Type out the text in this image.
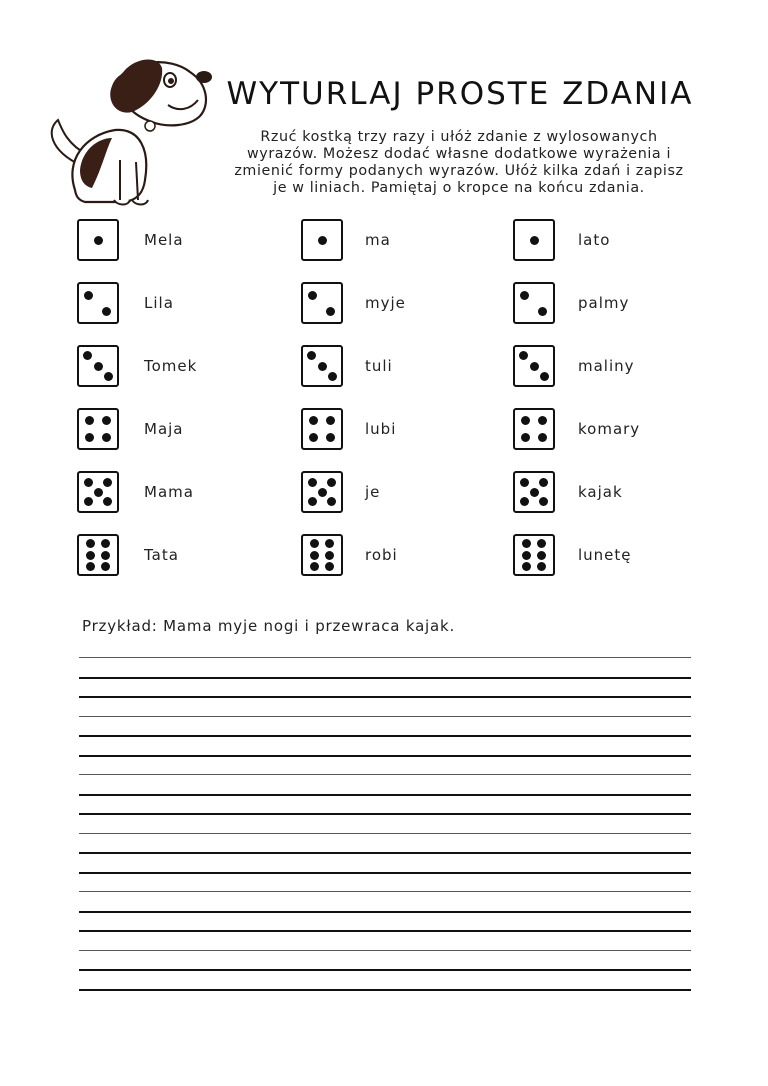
WYTURLAJ PROSTE ZDANIA
Rzuć kostką trzy razy i ułóż zdanie z wylosowanych
wyrazów. Możesz dodać własne dodatkowe wyrażenia i
zmienić formy podanych wyrazów. Ułóż kilka zdań i zapisz
je w liniach. Pamiętaj o kropce na końcu zdania.
Mela
Lila
Tomek
Maja
Mama
Tata
ma
myje
tuli
lubi
je
robi
lato
palmy
maliny
komary
kajak
lunetę
Przykład: Mama myje nogi i przewraca kajak.
